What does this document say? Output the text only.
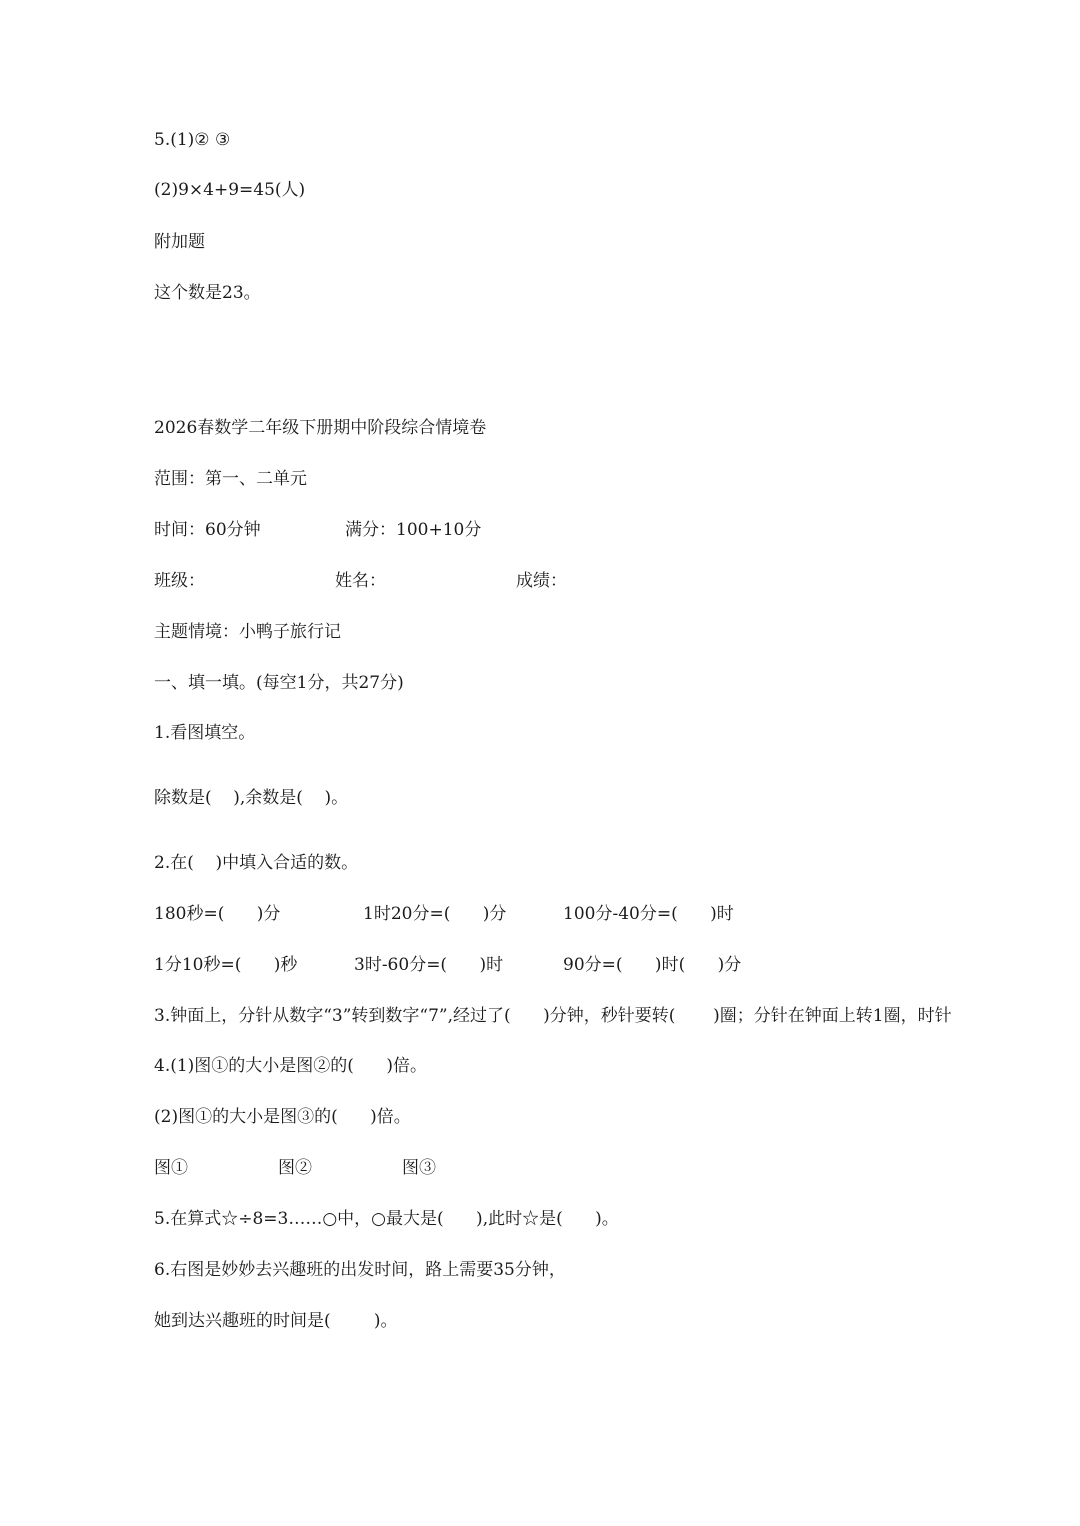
5.(1)② ③
(2)9×4+9=45(人)
附加题
这个数是23。
2026春数学二年级下册期中阶段综合情境卷
范围：第一、二单元
时间：60分钟	满分：100+10分
班级：	姓名：	成绩：
主题情境：小鸭子旅行记
一、填一填。(每空1分，共27分)
1.看图填空。
除数是(    ),余数是(    )。
2.在(    )中填入合适的数。
180秒=(      )分	1时20分=(      )分	100分-40分=(      )时
1分10秒=(      )秒	3时-60分=(      )时	90分=(      )时(      )分
3.钟面上，分针从数字“3”转到数字“7”,经过了(      )分钟，秒针要转(       )圈；分针在钟面上转1圈，时针
4.(1)图①的大小是图②的(      )倍。
(2)图①的大小是图③的(      )倍。
图①	图②	图③
5.在算式☆÷8=3……○中，○最大是(      ),此时☆是(      )。
6.右图是妙妙去兴趣班的出发时间，路上需要35分钟，
她到达兴趣班的时间是(        )。
